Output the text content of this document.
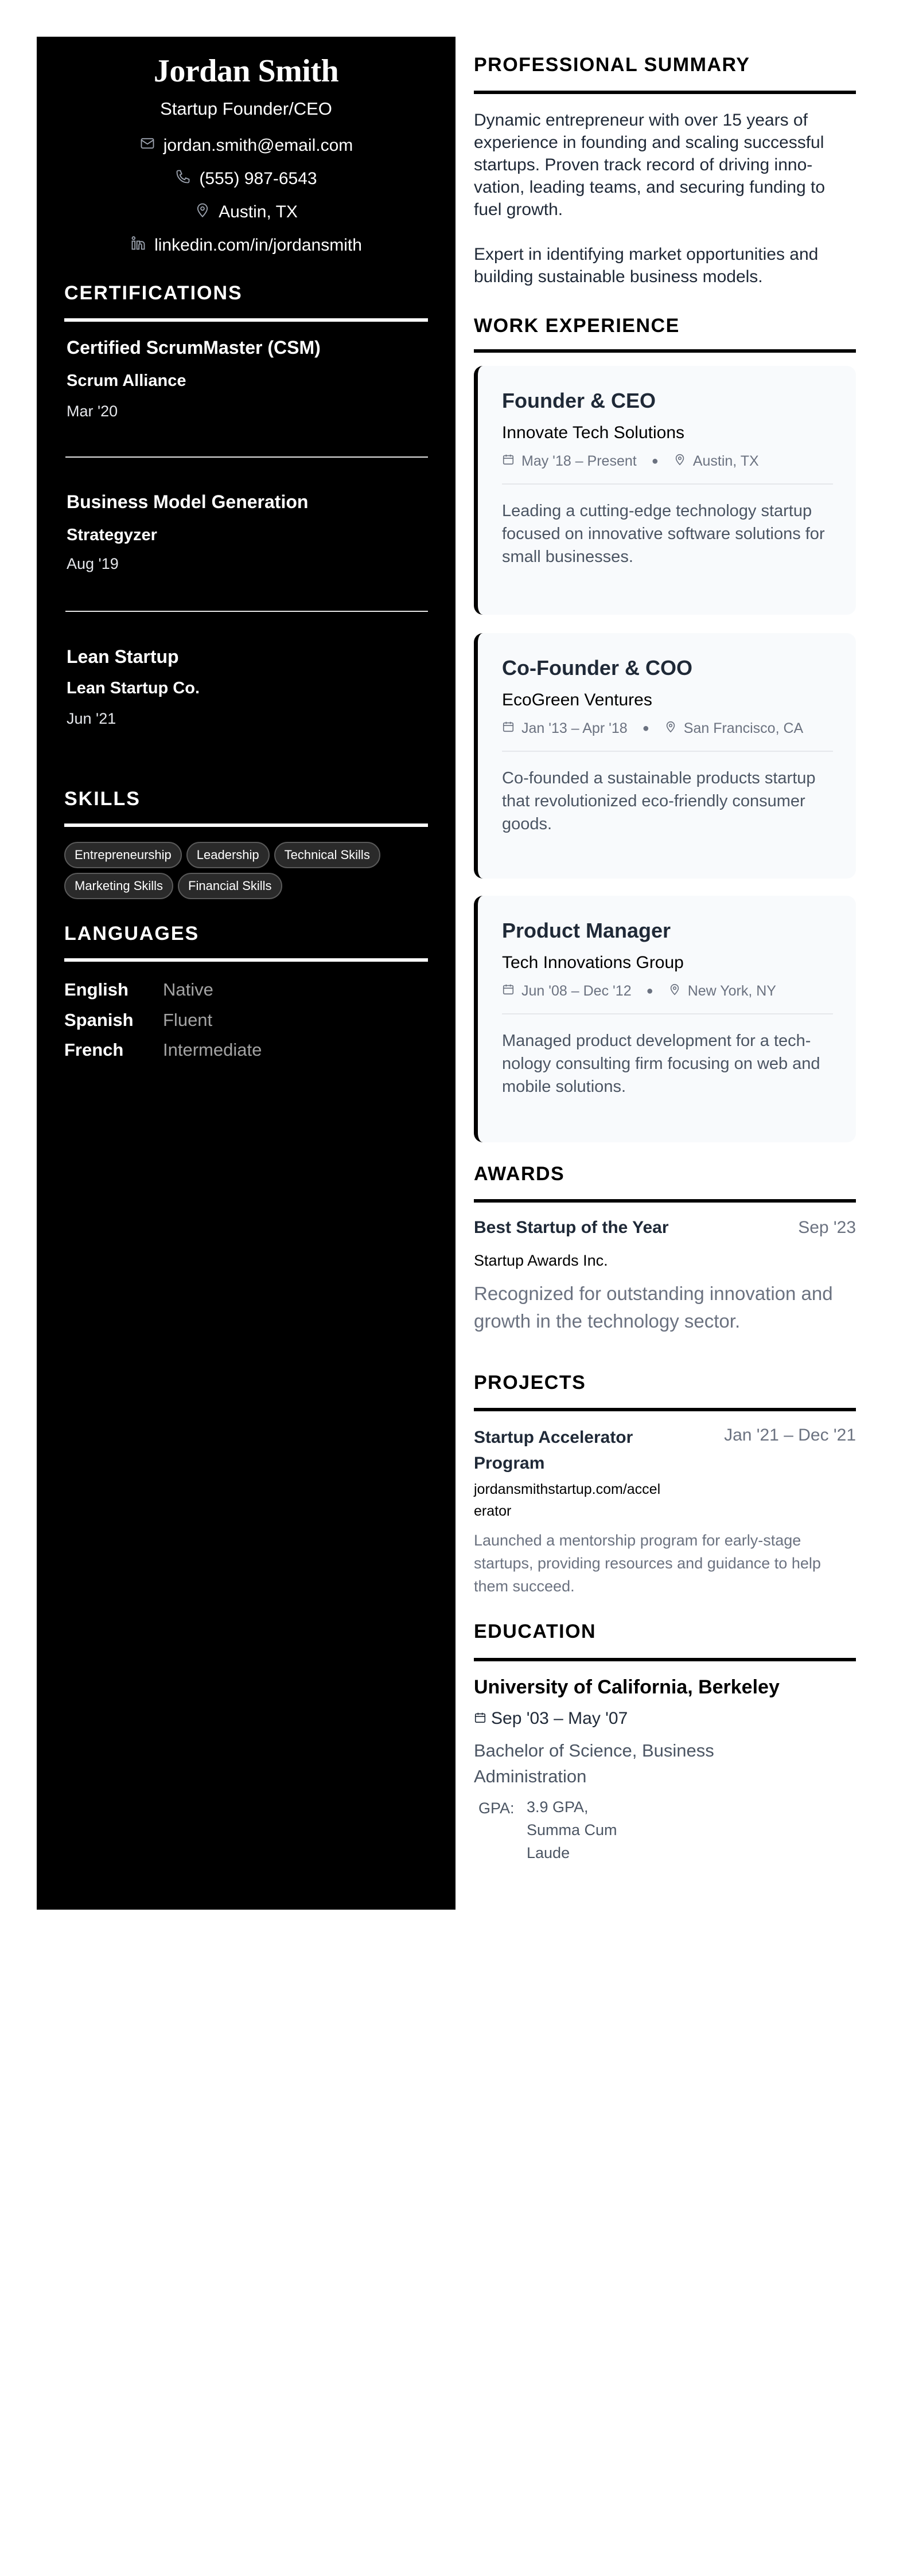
Jordan Smith
Startup Founder/CEO
jordan.smith@email.com
(555) 987-6543
Austin, TX
linkedin.com/in/jordansmith
CERTIFICATIONS
Certified ScrumMaster (CSM)
Scrum Alliance
Mar '20
Business Model Generation
Strategyzer
Aug '19
Lean Startup
Lean Startup Co.
Jun '21
SKILLS
Entrepreneurship	Leadership	Technical Skills
Marketing Skills	Financial Skills
LANGUAGES
English	Native
Spanish	Fluent
French	Intermediate
PROFESSIONAL SUMMARY

Dynamic entrepreneur with over 15 years of experience in founding and scaling successful startups. Proven track record of driving innovation, leading teams, and securing funding to fuel growth.

Expert in identifying market opportunities and building sustainable business models.

WORK EXPERIENCE
Founder & CEO
Innovate Tech Solutions
May '18 – Present ● Austin, TX
Leading a cutting-edge technology startup focused on innovative software solutions for small businesses.
Co-Founder & COO
EcoGreen Ventures
Jan '13 – Apr '18 ● San Francisco, CA
Co-founded a sustainable products startup that revolutionized eco-friendly consumer goods.
Product Manager
Tech Innovations Group
Jun '08 – Dec '12 ● New York, NY
Managed product development for a technology consulting firm focusing on web and mobile solutions.
AWARDS
Best Startup of the Year	Sep '23
Startup Awards Inc.
Recognized for outstanding innovation and growth in the technology sector.
PROJECTS
Startup Accelerator Program
Jan '21 – Dec '21
jordansmithstartup.com/accelerator
Launched a mentorship program for early-stage startups, providing resources and guidance to help them succeed.
EDUCATION
University of California, Berkeley
Sep '03 – May '07
Bachelor of Science, Business Administration
GPA: 3.9 GPA, Summa Cum Laude
